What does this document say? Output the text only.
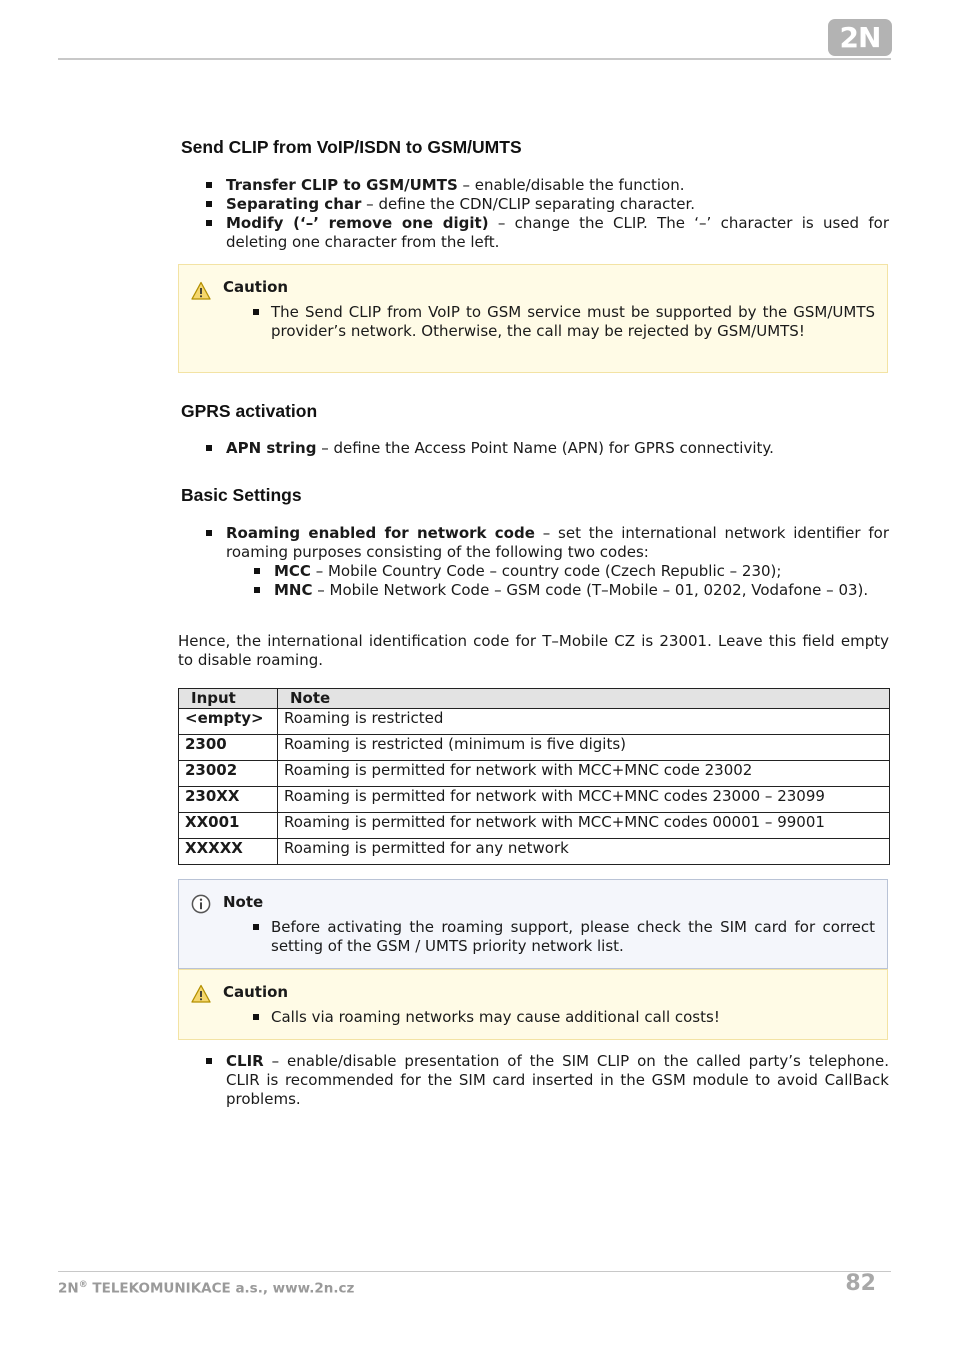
2N
Send CLIP from VoIP/ISDN to GSM/UMTS
Transfer CLIP to GSM/UMTS – enable/disable the function.
Separating char – define the CDN/CLIP separating character.
Modify (‘–’ remove one digit) – change the CLIP. The ‘–’ character is used for deleting one character from the left.
Caution
The Send CLIP from VoIP to GSM service must be supported by the GSM/UMTS provider’s network. Otherwise, the call may be rejected by GSM/UMTS!
GPRS activation
APN string – define the Access Point Name (APN) for GPRS connectivity.
Basic Settings
Roaming enabled for network code – set the international network identifier for roaming purposes consisting of the following two codes:
MCC – Mobile Country Code – country code (Czech Republic – 230);
MNC – Mobile Network Code – GSM code (T–Mobile – 01, 0202, Vodafone – 03).
Hence, the international identification code for T–Mobile CZ is 23001. Leave this field empty to disable roaming.
Input	Note
<empty>	Roaming is restricted
2300	Roaming is restricted (minimum is five digits)
23002	Roaming is permitted for network with MCC+MNC code 23002
230XX	Roaming is permitted for network with MCC+MNC codes 23000 – 23099
XX001	Roaming is permitted for network with MCC+MNC codes 00001 – 99001
XXXXX	Roaming is permitted for any network
Note
Before activating the roaming support, please check the SIM card for correct setting of the GSM / UMTS priority network list.
Caution
Calls via roaming networks may cause additional call costs!
CLIR – enable/disable presentation of the SIM CLIP on the called party’s telephone. CLIR is recommended for the SIM card inserted in the GSM module to avoid CallBack problems.
2N® TELEKOMUNIKACE a.s., www.2n.cz	82
